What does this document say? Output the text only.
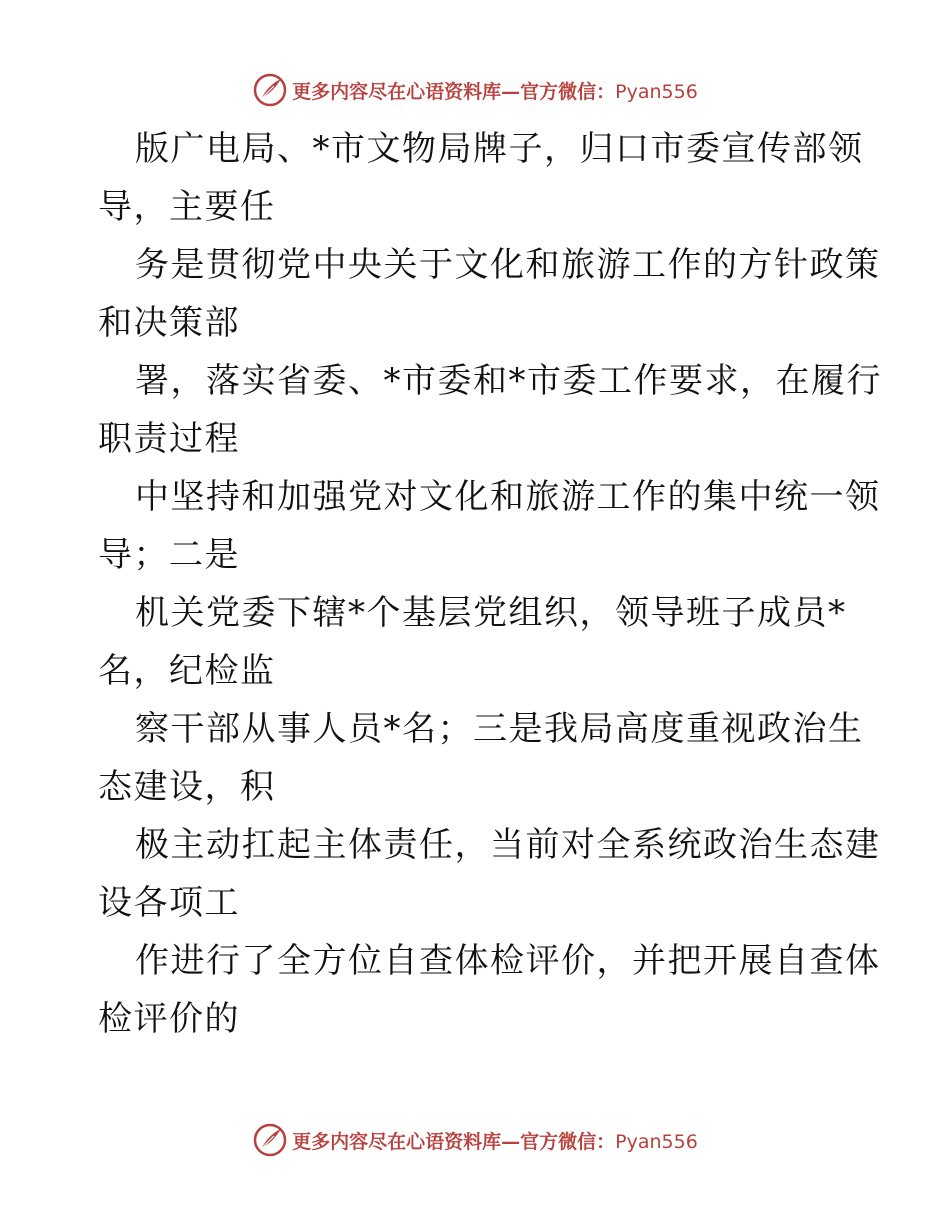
更多内容尽在心语资料库—官方微信：Pyan556
版广电局、*市文物局牌子，归口市委宣传部领
导，主要任
务是贯彻党中央关于文化和旅游工作的方针政策
和决策部
署，落实省委、*市委和*市委工作要求，在履行
职责过程
中坚持和加强党对文化和旅游工作的集中统一领
导；二是
机关党委下辖*个基层党组织，领导班子成员*
名，纪检监
察干部从事人员*名；三是我局高度重视政治生
态建设，积
极主动扛起主体责任，当前对全系统政治生态建
设各项工
作进行了全方位自查体检评价，并把开展自查体
检评价的
更多内容尽在心语资料库—官方微信：Pyan556
